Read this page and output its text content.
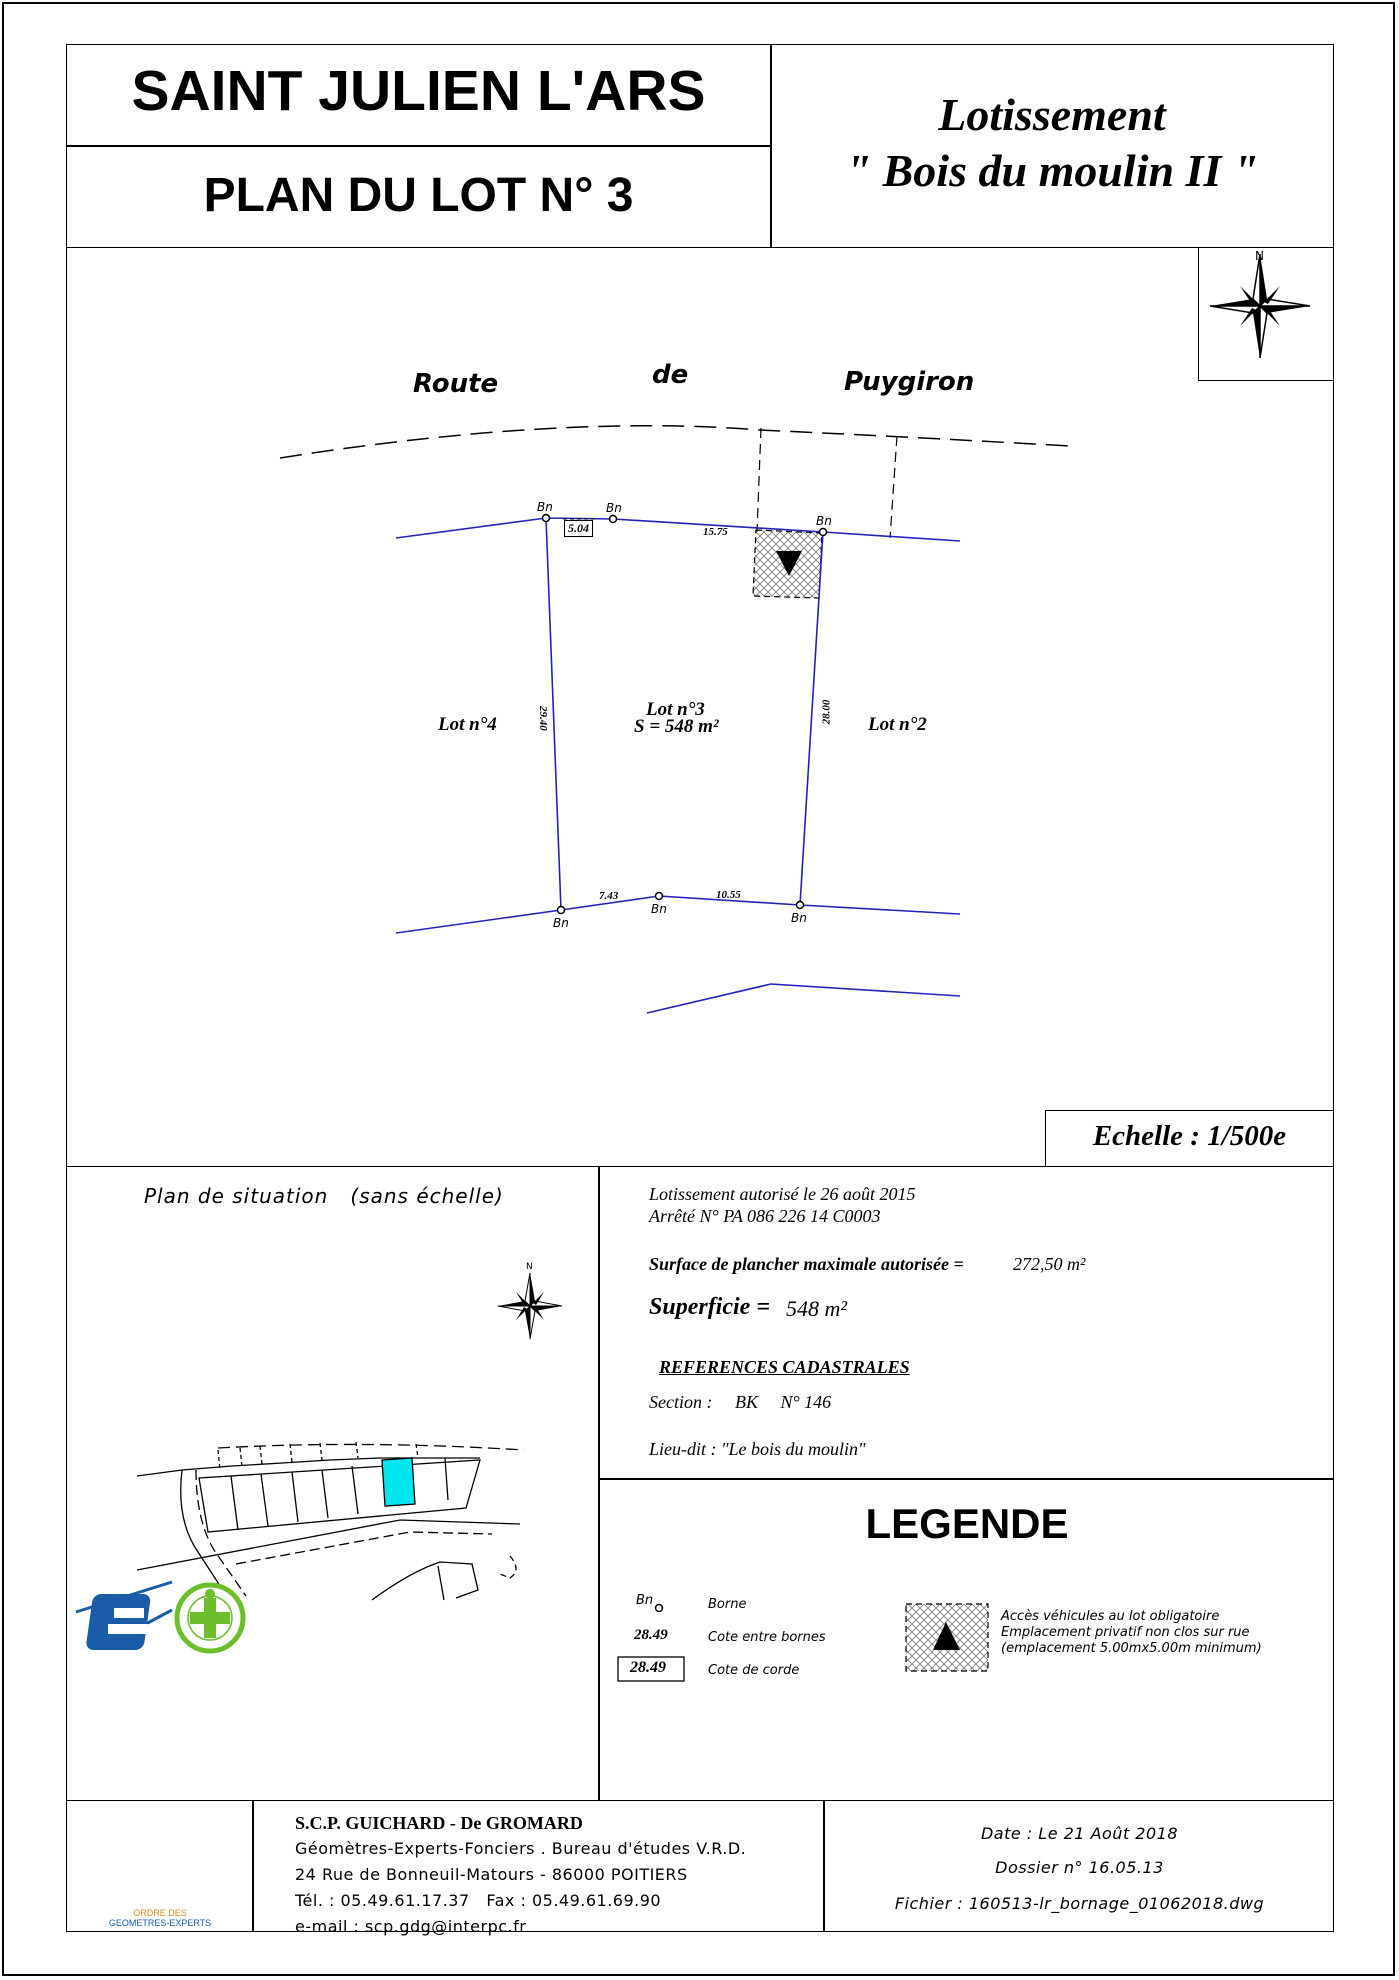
SAINT JULIEN L'ARS
PLAN DU LOT N° 3
Lotissement
" Bois du moulin II "
Route	de	Puygiron
Lot n°4
Lot n°3
S = 548 m²	Lot n°2
5.04	15.75
29.40	28.00
7.43	10.55
Bn	Bn
Bn
Bn
Bn
Bn
N
N
Echelle : 1/500e
Plan de situation   (sans échelle)	Lotissement autorisé le 26 août 2015
Arrêté N° PA 086 226 14 C0003
Surface de plancher maximale autorisée =	272,50 m²
Superficie = 548 m²
REFERENCES CADASTRALES
Section :     BK     N° 146
Lieu-dit : "Le bois du moulin"
LEGENDE
Bn	Borne
28.49	Cote entre bornes
28.49	Cote de corde
Accès véhicules au lot obligatoire
Emplacement privatif non clos sur rue
(emplacement 5.00mx5.00m minimum)
ORDRE DES
GEOMETRES-EXPERTS
S.C.P. GUICHARD - De GROMARD
Géomètres-Experts-Fonciers . Bureau d'études V.R.D.
24 Rue de Bonneuil-Matours - 86000 POITIERS
Tél. : 05.49.61.17.37   Fax : 05.49.61.69.90
e-mail : scp.gdg@interpc.fr
Date : Le 21 Août 2018
Dossier n° 16.05.13
Fichier : 160513-lr_bornage_01062018.dwg
